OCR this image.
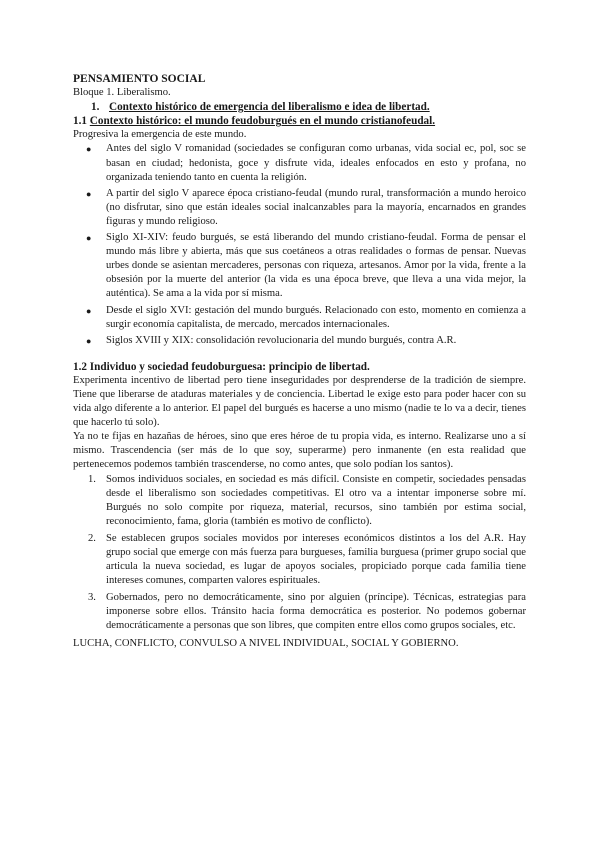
PENSAMIENTO SOCIAL

Bloque 1. Liberalismo.

1. Contexto histórico de emergencia del liberalismo e idea de libertad.

1.1 Contexto histórico: el mundo feudoburgués en el mundo cristianofeudal.

Progresiva la emergencia de este mundo.

● Antes del siglo V romanidad (sociedades se configuran como urbanas, vida social ec, pol, soc se basan en ciudad; hedonista, goce y disfrute vida, ideales enfocados en esto y profana, no organizada teniendo tanto en cuenta la religión.
● A partir del siglo V aparece época cristiano-feudal (mundo rural, transformación a mundo heroico (no disfrutar, sino que están ideales social inalcanzables para la mayoría, encarnados en grandes figuras y mundo religioso.
● Siglo XI-XIV: feudo burgués, se está liberando del mundo cristiano-feudal. Forma de pensar el mundo más libre y abierta, más que sus coetáneos a otras realidades o formas de pensar. Nuevas urbes donde se asientan mercaderes, personas con riqueza, artesanos. Amor por la vida, frente a la obsesión por la muerte del anterior (la vida es una época breve, que lleva a una vida mejor, la auténtica). Se ama a la vida por sí misma.
● Desde el siglo XVI: gestación del mundo burgués. Relacionado con esto, momento en comienza a surgir economía capitalista, de mercado, mercados internacionales.
● Siglos XVIII y XIX: consolidación revolucionaria del mundo burgués, contra A.R.

1.2 Individuo y sociedad feudoburguesa: principio de libertad.

Experimenta incentivo de libertad pero tiene inseguridades por desprenderse de la tradición de siempre. Tiene que liberarse de ataduras materiales y de conciencia. Libertad le exige esto para poder hacer con su vida algo diferente a lo anterior. El papel del burgués es hacerse a uno mismo (nadie te lo va a decir, tienes que hacerlo tú solo).

Ya no te fijas en hazañas de héroes, sino que eres héroe de tu propia vida, es interno. Realizarse uno a sí mismo. Trascendencia (ser más de lo que soy, superarme) pero inmanente (en esta realidad que pertenecemos podemos también trascenderse, no como antes, que solo podían los santos).

1. Somos individuos sociales, en sociedad es más difícil. Consiste en competir, sociedades pensadas desde el liberalismo son sociedades competitivas. El otro va a intentar imponerse sobre mí. Burgués no solo compite por riqueza, material, recursos, sino también por estima social, reconocimiento, fama, gloria (también es motivo de conflicto).
2. Se establecen grupos sociales movidos por intereses económicos distintos a los del A.R. Hay grupo social que emerge con más fuerza para burgueses, familia burguesa (primer grupo social que articula la nueva sociedad, es lugar de apoyos sociales, propiciado porque cada familia tiene intereses comunes, comparten valores espirituales.
3. Gobernados, pero no democráticamente, sino por alguien (príncipe). Técnicas, estrategias para imponerse sobre ellos. Tránsito hacia forma democrática es posterior. No podemos gobernar democráticamente a personas que son libres, que compiten entre ellos como grupos sociales, etc.

LUCHA, CONFLICTO, CONVULSO A NIVEL INDIVIDUAL, SOCIAL Y GOBIERNO.
